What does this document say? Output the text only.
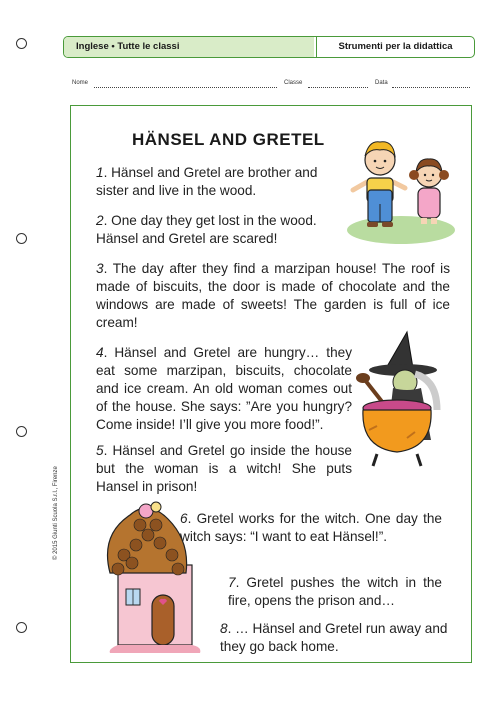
Inglese • Tutte le classi	Strumenti per la didattica
Nome	Classe	Data
HÄNSEL AND GRETEL
1. Hänsel and Gretel are brother and sister and live in the wood.
2. One day they get lost in the wood. Hänsel and Gretel are scared!
3. The day after they find a marzipan house! The roof is made of biscuits, the door is made of chocolate and the windows are made of sweets! The garden is full of ice cream!
4. Hänsel and Gretel are hungry… they eat some marzipan, biscuits, chocolate and ice cream. An old woman comes out of the house. She says: ”Are you hungry? Come inside! I’ll give you more food!”.
5. Hänsel and Gretel go inside the house but the woman is a witch! She puts Hansel in prison!
6. Gretel works for the witch. One day the witch says: “I want to eat Hänsel!”.
7. Gretel pushes the witch in the fire, opens the prison and…
8. … Hänsel and Gretel run away and they go back home.
© 2015 Giunti Scuola S.r.l., Firenze
